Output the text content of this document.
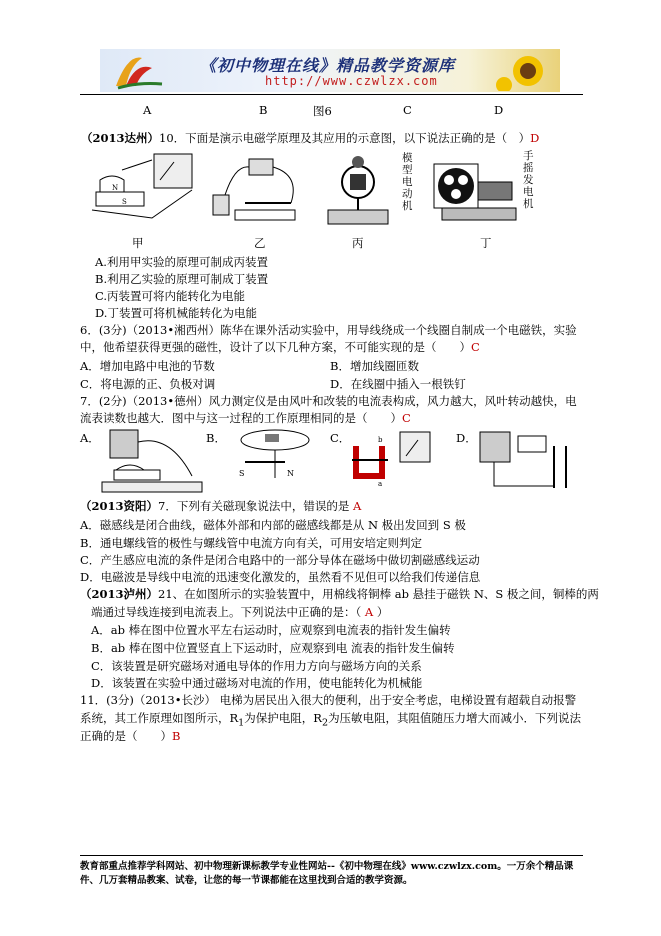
《初中物理在线》精品教学资源库
http://www.czwlzx.com
A	B	图6	C	D
（2013达州）10．下面是演示电磁学原理及其应用的示意图，以下说法正确的是（　）D
N
S
甲	乙
模型电动机
丙
手摇发电机
丁
A.利用甲实验的原理可制成丙装置
B.利用乙实验的原理可制成丁装置
C.丙装置可将内能转化为电能
D.丁装置可将机械能转化为电能
6．(3分)（2013•湘西州）陈华在课外活动实验中，用导线绕成一个线圈自制成一个电磁铁，实验
中，他希望获得更强的磁性，设计了以下几种方案，不可能实现的是（　　）C
A．增加电路中电池的节数	B．增加线圈匝数
C．将电源的正、负极对调	D．在线圈中插入一根铁钉
7．(2分)（2013•德州）风力测定仪是由风叶和改装的电流表构成，风力越大，风叶转动越快，电
流表读数也越大．图中与这一过程的工作原理相同的是（　　）C
A．	B．
S	N
C．	b
a
D．
（2013资阳）7．下列有关磁现象说法中，错误的是 A
A．磁感线是闭合曲线，磁体外部和内部的磁感线都是从 N 极出发回到 S 极
B．通电螺线管的极性与螺线管中电流方向有关，可用安培定则判定
C．产生感应电流的条件是闭合电路中的一部分导体在磁场中做切割磁感线运动
D．电磁波是导线中电流的迅速变化激发的，虽然看不见但可以给我们传递信息
（2013泸州）21、在如图所示的实验装置中，用棉线将铜棒 ab 悬挂于磁铁 N、S 极之间，铜棒的两
端通过导线连接到电流表上。下列说法中正确的是：（ A ）
A．ab 棒在图中位置水平左右运动时，应观察到电流表的指针发生偏转
B．ab 棒在图中位置竖直上下运动时，应观察到电 流表的指针发生偏转
C．该装置是研究磁场对通电导体的作用力方向与磁场方向的关系
D．该装置在实验中通过磁场对电流的作用，使电能转化为机械能
11．(3分)（2013•长沙） 电梯为居民出入很大的便利，出于安全考虑，电梯设置有超载自动报警
系统，其工作原理如图所示，$R_1$为保护电阻，$R_2$为压敏电阻，其阻值随压力增大而减小．下列说法
正确的是（　　）B
教育部重点推荐学科网站、初中物理新课标教学专业性网站--《初中物理在线》www.czwlzx.com。一万余个精品课件、几万套精品教案、试卷，让您的每一节课都能在这里找到合适的教学资源。
